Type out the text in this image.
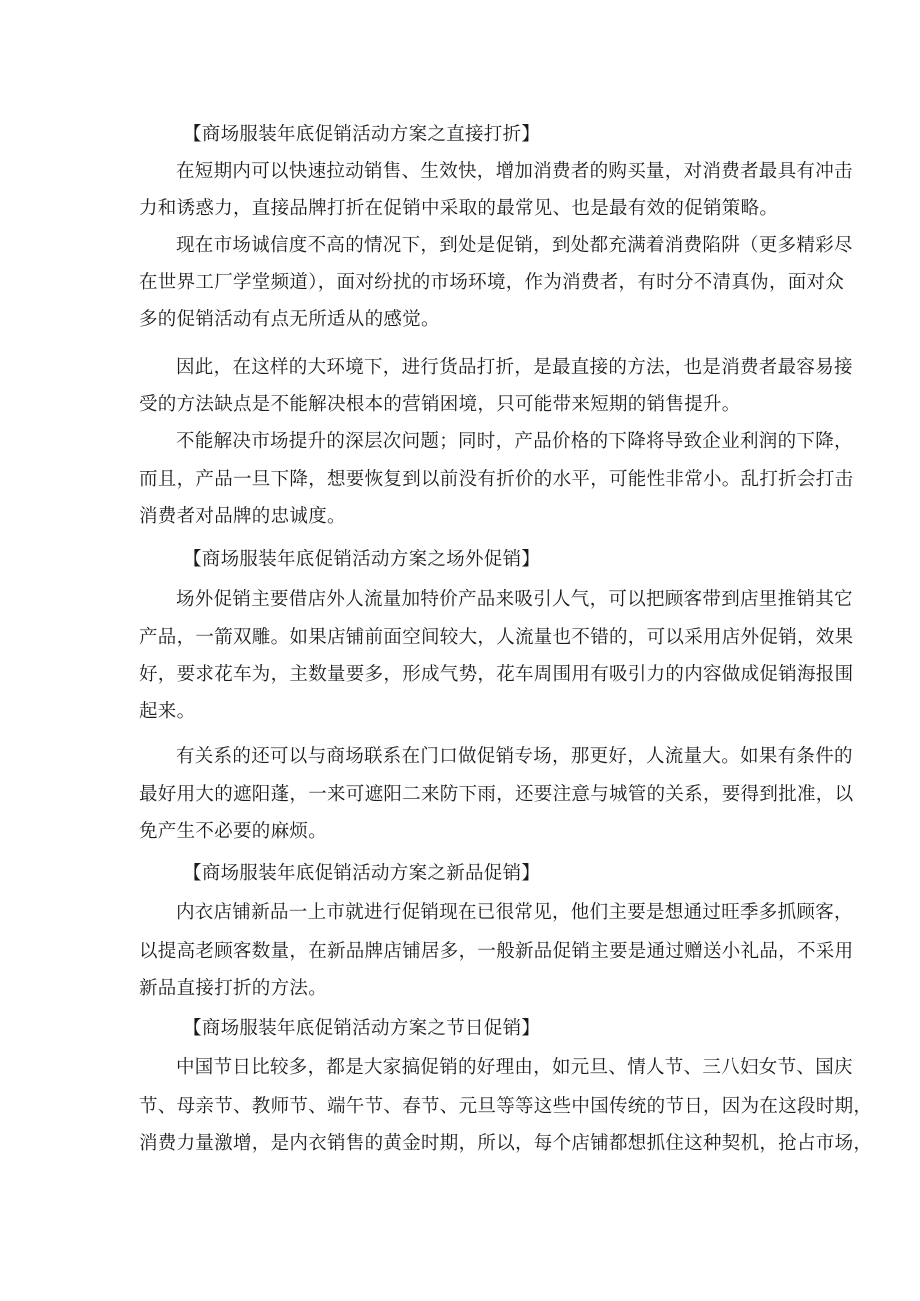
【商场服装年底促销活动方案之直接打折】
在短期内可以快速拉动销售、生效快，增加消费者的购买量，对消费者最具有冲击
力和诱惑力，直接品牌打折在促销中采取的最常见、也是最有效的促销策略。
现在市场诚信度不高的情况下，到处是促销，到处都充满着消费陷阱（更多精彩尽
在世界工厂学堂频道），面对纷扰的市场环境，作为消费者，有时分不清真伪，面对众
多的促销活动有点无所适从的感觉。
因此，在这样的大环境下，进行货品打折，是最直接的方法，也是消费者最容易接
受的方法缺点是不能解决根本的营销困境，只可能带来短期的销售提升。
不能解决市场提升的深层次问题；同时，产品价格的下降将导致企业利润的下降，
而且，产品一旦下降，想要恢复到以前没有折价的水平，可能性非常小。乱打折会打击
消费者对品牌的忠诚度。
【商场服装年底促销活动方案之场外促销】
场外促销主要借店外人流量加特价产品来吸引人气，可以把顾客带到店里推销其它
产品，一箭双雕。如果店铺前面空间较大，人流量也不错的，可以采用店外促销，效果
好，要求花车为，主数量要多，形成气势，花车周围用有吸引力的内容做成促销海报围
起来。
有关系的还可以与商场联系在门口做促销专场，那更好，人流量大。如果有条件的
最好用大的遮阳蓬，一来可遮阳二来防下雨，还要注意与城管的关系，要得到批准，以
免产生不必要的麻烦。
【商场服装年底促销活动方案之新品促销】
内衣店铺新品一上市就进行促销现在已很常见，他们主要是想通过旺季多抓顾客，
以提高老顾客数量，在新品牌店铺居多，一般新品促销主要是通过赠送小礼品，不采用
新品直接打折的方法。
【商场服装年底促销活动方案之节日促销】
中国节日比较多，都是大家搞促销的好理由，如元旦、情人节、三八妇女节、国庆
节、母亲节、教师节、端午节、春节、元旦等等这些中国传统的节日，因为在这段时期，
消费力量激增，是内衣销售的黄金时期，所以，每个店铺都想抓住这种契机，抢占市场，
